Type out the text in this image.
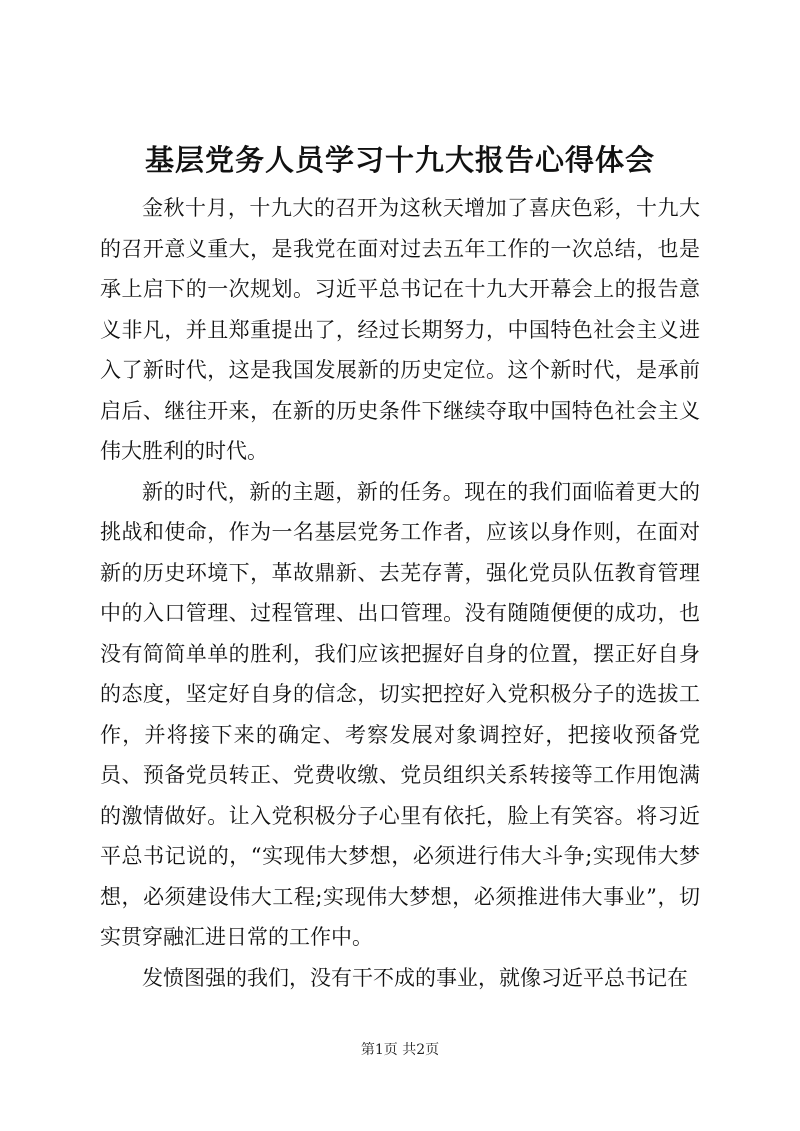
基层党务人员学习十九大报告心得体会

金秋十月，十九大的召开为这秋天增加了喜庆色彩，十九大的召开意义重大，是我党在面对过去五年工作的一次总结，也是承上启下的一次规划。习近平总书记在十九大开幕会上的报告意义非凡，并且郑重提出了，经过长期努力，中国特色社会主义进入了新时代，这是我国发展新的历史定位。这个新时代，是承前启后、继往开来，在新的历史条件下继续夺取中国特色社会主义伟大胜利的时代。

新的时代，新的主题，新的任务。现在的我们面临着更大的挑战和使命，作为一名基层党务工作者，应该以身作则，在面对新的历史环境下，革故鼎新、去芜存菁，强化党员队伍教育管理中的入口管理、过程管理、出口管理。没有随随便便的成功，也没有简简单单的胜利，我们应该把握好自身的位置，摆正好自身的态度，坚定好自身的信念，切实把控好入党积极分子的选拔工作，并将接下来的确定、考察发展对象调控好，把接收预备党员、预备党员转正、党费收缴、党员组织关系转接等工作用饱满的激情做好。让入党积极分子心里有依托，脸上有笑容。将习近平总书记说的，“实现伟大梦想，必须进行伟大斗争;实现伟大梦想，必须建设伟大工程;实现伟大梦想，必须推进伟大事业”，切实贯穿融汇进日常的工作中。

发愤图强的我们，没有干不成的事业，就像习近平总书记在

第1页 共2页
